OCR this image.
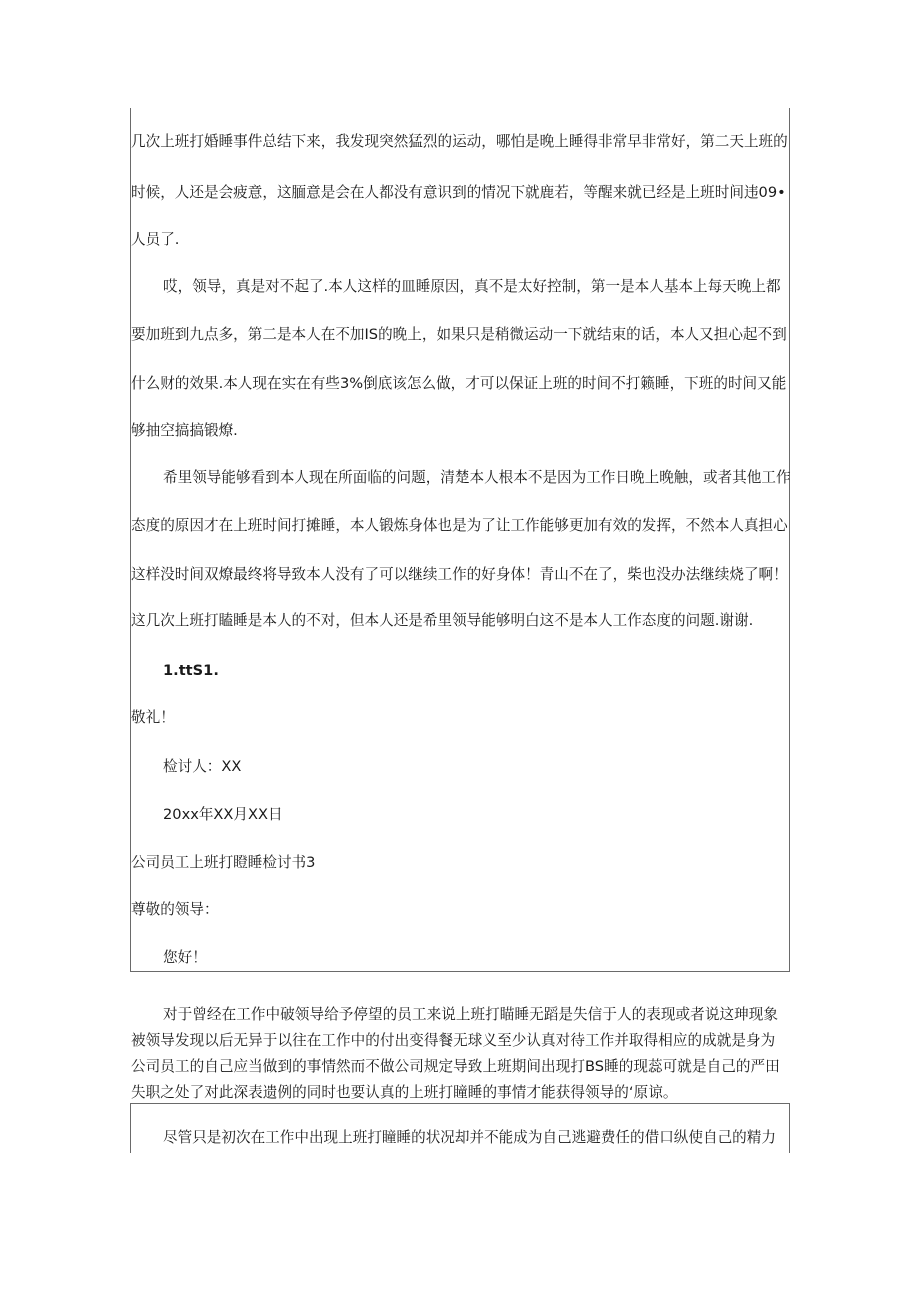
几次上班打婚睡事件总结下来，我发现突然猛烈的运动，哪怕是晚上睡得非常早非常好，第二天上班的
时候，人还是会疲意，这腼意是会在人都没有意识到的情况下就鹿若，等醒来就已经是上班时间违09•
人员了.
哎，领导，真是对不起了.本人这样的皿睡原因，真不是太好控制，第一是本人基本上每天晚上都
要加班到九点多，第二是本人在不加IS的晚上，如果只是稍微运动一下就结束的话，本人又担心起不到
什么财的效果.本人现在实在有些3%倒底该怎么做，才可以保证上班的时间不打籁睡，下班的时间又能
够抽空搞搞锻燎.
希里领导能够看到本人现在所面临的问题，清楚本人根本不是因为工作日晚上晚触，或者其他工作
态度的原因才在上班时间打摊睡，本人锻炼身体也是为了让工作能够更加有效的发挥，不然本人真担心
这样没时间双燎最终将导致本人没有了可以继续工作的好身体！青山不在了，柴也没办法继续烧了啊！
这几次上班打瞌睡是本人的不对，但本人还是希里领导能够明白这不是本人工作态度的问题.谢谢.
1.ttS1.
敬礼！
检讨人：XX
20xx年XX月XX日
公司员工上班打瞪睡检讨书3
尊敬的领导：
您好！
对于曾经在工作中破领导给予停望的员工来说上班打瞄睡无蹈是失信于人的表现或者说这珅现象
被领导发现以后无异于以往在工作中的付出变得餐无球义至少认真对待工作并取得相应的成就是身为
公司员工的自己应当做到的事情然而不做公司规定导致上班期间出现打BS睡的现蕊可就是自己的严田
失职之处了对此深表遗例的同时也要认真的上班打瞳睡的事情才能获得领导的‘原谅。
尽管只是初次在工作中出现上班打瞳睡的状况却并不能成为自己逃避费任的借口纵使自己的精力
